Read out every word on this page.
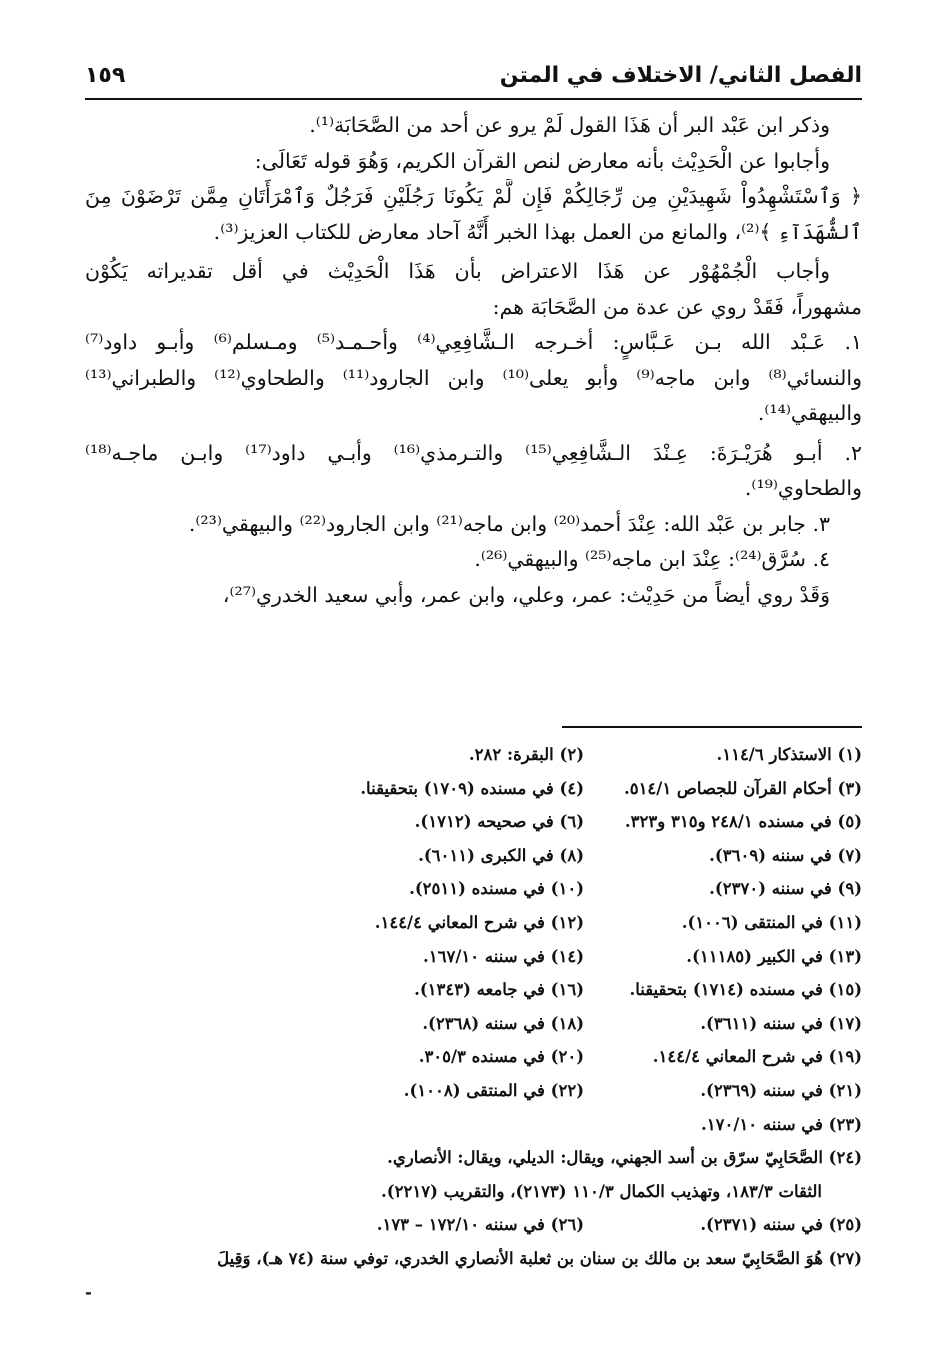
الفصل الثاني/ الاختلاف في المتن
١٥٩
وذكر ابن عَبْد البر أن هَذَا القول لَمْ يرو عن أحد من الصَّحَابَة⁽¹⁾.
وأجابوا عن الْحَدِيْث بأنه معارض لنص القرآن الكريم، وَهُوَ قوله تَعَالَى:
﴿ وَٱسْتَشْهِدُواْ شَهِيدَيْنِ مِن رِّجَالِكُمْ فَإِن لَّمْ يَكُونَا رَجُلَيْنِ فَرَجُلٌ وَٱمْرَأَتَانِ مِمَّن تَرْضَوْنَ مِنَ
ٱلشُّهَدَآءِ ﴾⁽²⁾، والمانع من العمل بهذا الخبر أَنَّهُ آحاد معارض للكتاب العزيز⁽³⁾.
وأجاب الْجُمْهُوْر عن هَذَا الاعتراض بأن هَذَا الْحَدِيْث في أقل تقديراته يَكُوْن
مشهوراً، فَقَدْ روي عن عدة من الصَّحَابَة هم:
١. عَـبْد الله بـن عَـبَّاسٍ: أخـرجه الـشَّافِعِي⁽⁴⁾ وأحـمـد⁽⁵⁾ ومـسلم⁽⁶⁾ وأبـو داود⁽⁷⁾
والنسائي⁽⁸⁾ وابن ماجه⁽⁹⁾ وأبو يعلى⁽¹⁰⁾ وابن الجارود⁽¹¹⁾ والطحاوي⁽¹²⁾ والطبراني⁽¹³⁾
والبيهقي⁽¹⁴⁾.
٢. أبـو هُرَيْـرَةَ: عِـنْدَ الـشَّافِعِي⁽¹⁵⁾ والتـرمذي⁽¹⁶⁾ وأبـي داود⁽¹⁷⁾ وابـن ماجـه⁽¹⁸⁾
والطحاوي⁽¹⁹⁾.
٣. جابر بن عَبْد الله: عِنْدَ أحمد⁽²⁰⁾ وابن ماجه⁽²¹⁾ وابن الجارود⁽²²⁾ والبيهقي⁽²³⁾.
٤. سُرَّق⁽²⁴⁾: عِنْدَ ابن ماجه⁽²⁵⁾ والبيهقي⁽²⁶⁾.
وَقَدْ روي أيضاً من حَدِيْث: عمر، وعلي، وابن عمر، وأبي سعيد الخدري⁽²⁷⁾،
(١) الاستذكار ١١٤/٦.
(٢) البقرة: ٢٨٢.
(٣) أحكام القرآن للجصاص ٥١٤/١.
(٤) في مسنده (١٧٠٩) بتحقيقنا.
(٥) في مسنده ٢٤٨/١ و٣١٥ و٣٢٣.
(٦) في صحيحه (١٧١٢).
(٧) في سننه (٣٦٠٩).
(٨) في الكبرى (٦٠١١).
(٩) في سننه (٢٣٧٠).
(١٠) في مسنده (٢٥١١).
(١١) في المنتقى (١٠٠٦).
(١٢) في شرح المعاني ١٤٤/٤.
(١٣) في الكبير (١١١٨٥).
(١٤) في سننه ١٦٧/١٠.
(١٥) في مسنده (١٧١٤) بتحقيقنا.
(١٦) في جامعه (١٣٤٣).
(١٧) في سننه (٣٦١١).
(١٨) في سننه (٢٣٦٨).
(١٩) في شرح المعاني ١٤٤/٤.
(٢٠) في مسنده ٣٠٥/٣.
(٢١) في سننه (٢٣٦٩).
(٢٢) في المنتقى (١٠٠٨).
(٢٣) في سننه ١٧٠/١٠.
(٢٤) الصَّحَابِيّ سرّق بن أسد الجهني، ويقال: الديلي، ويقال: الأنصاري.
الثقات ١٨٣/٣، وتهذيب الكمال ١١٠/٣ (٢١٧٣)، والتقريب (٢٢١٧).
(٢٥) في سننه (٢٣٧١).
(٢٦) في سننه ١٧٢/١٠ – ١٧٣.
(٢٧) هُوَ الصَّحَابِيّ سعد بن مالك بن سنان بن ثعلبة الأنصاري الخدري، توفي سنة (٧٤ هـ)، وَقِيلَ
-
